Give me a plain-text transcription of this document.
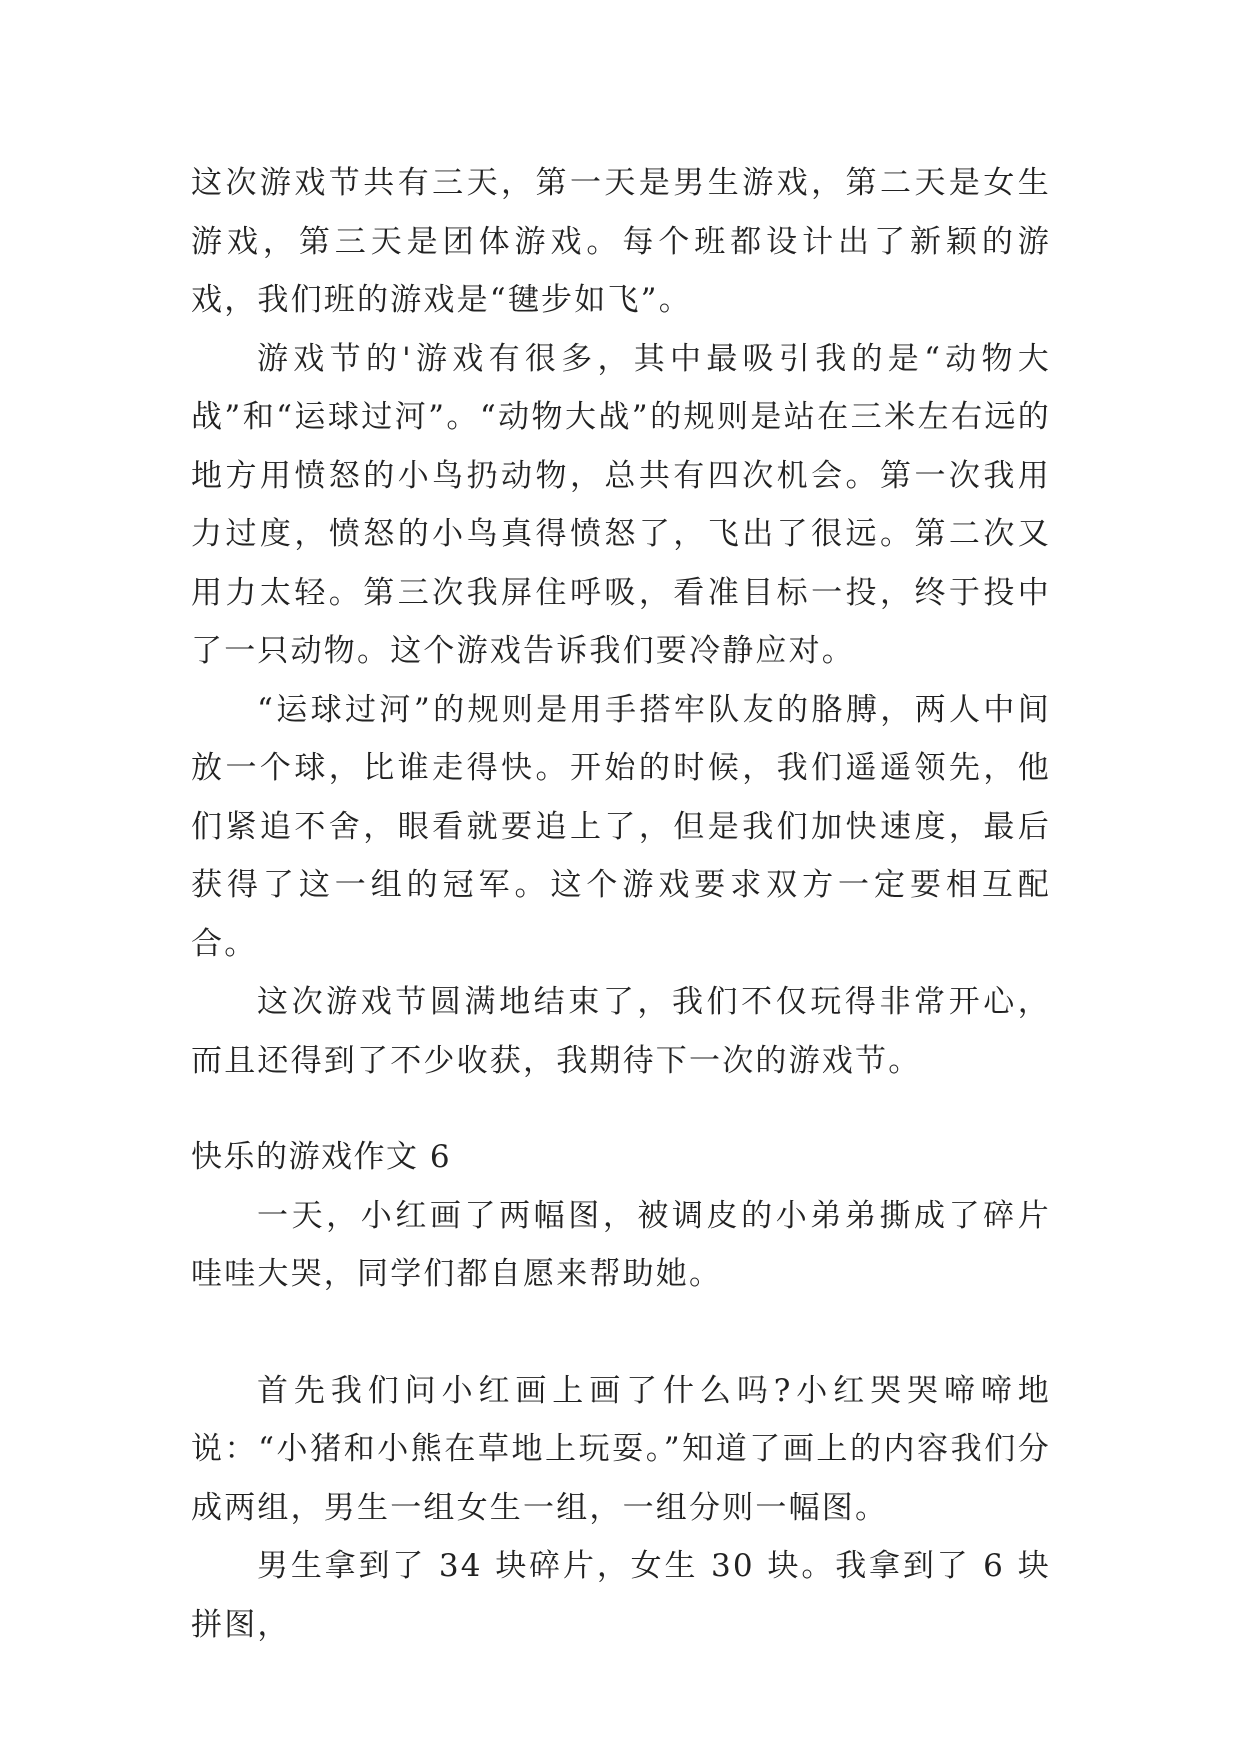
这次游戏节共有三天，第一天是男生游戏，第二天是女生游戏，第三天是团体游戏。每个班都设计出了新颖的游戏，我们班的游戏是“毽步如飞”。

游戏节的'游戏有很多，其中最吸引我的是“动物大战”和“运球过河”。“动物大战”的规则是站在三米左右远的地方用愤怒的小鸟扔动物，总共有四次机会。第一次我用力过度，愤怒的小鸟真得愤怒了，飞出了很远。第二次又用力太轻。第三次我屏住呼吸，看准目标一投，终于投中了一只动物。这个游戏告诉我们要冷静应对。

“运球过河”的规则是用手搭牢队友的胳膊，两人中间放一个球，比谁走得快。开始的时候，我们遥遥领先，他们紧追不舍，眼看就要追上了，但是我们加快速度，最后获得了这一组的冠军。这个游戏要求双方一定要相互配合。

这次游戏节圆满地结束了，我们不仅玩得非常开心，而且还得到了不少收获，我期待下一次的游戏节。

快乐的游戏作文 6

一天，小红画了两幅图，被调皮的小弟弟撕成了碎片哇哇大哭，同学们都自愿来帮助她。

首先我们问小红画上画了什么吗?小红哭哭啼啼地说：“小猪和小熊在草地上玩耍。”知道了画上的内容我们分成两组，男生一组女生一组，一组分则一幅图。

男生拿到了 34 块碎片，女生 30 块。我拿到了 6 块拼图，
